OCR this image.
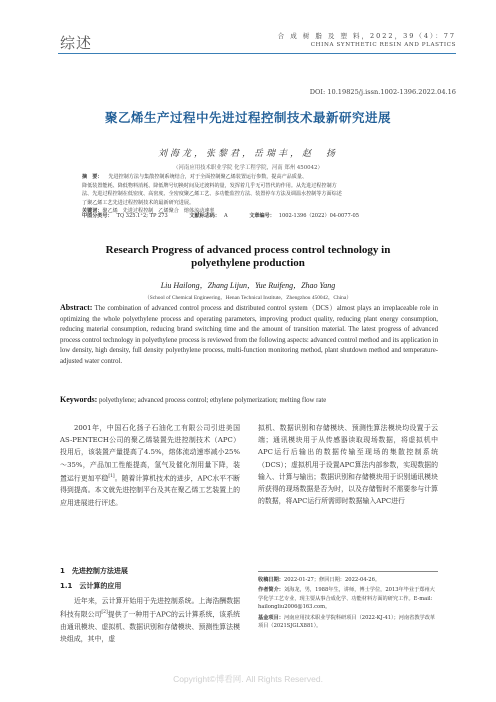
综述	合 成 树 脂 及 塑 料，2022，39（4）：77
CHINA SYNTHETIC RESIN AND PLASTICS
DOI: 10.19825/j.issn.1002-1396.2022.04.16
聚乙烯生产过程中先进过程控制技术最新研究进展
刘海龙，张黎君，岳瑞丰，赵　扬
（河南应用技术职业学院 化学工程学院，河南 郑州 450042）
摘　要： 先进控制方法与集散控制系统结合，对于全面控制聚乙烯装置运行参数，提高产品质量、
降低装置能耗、降低物料消耗、降低牌号切换时间及过渡料的量，发挥着几乎无可替代的作用。从先进过程控制方
法、先进过程控制在低密度、高密度、全密度聚乙烯工艺、多功能监控方法、装置停车方法及调温水控制等方面综述
了聚乙烯工艺先进过程控制技术的最新研究进展。
关键词：聚乙烯　先进过程控制　乙烯聚合　熔体流动速率
中图分类号： TQ 325.1⁺2; TP 273	文献标志码： A	文章编号： 1002-1396（2022）04-0077-05
Research Progress of advanced process control technology in
polyethylene production
Liu Hailong，Zhang Lijun，Yue Ruifeng，Zhao Yang
（School of Chemical Engineering，Henan Technical Institute，Zhengzhou 450042，China）
Abstract: The combination of advanced control process and distributed control system（DCS）almost plays an irreplaceable role in optimizing the whole polyethylene process and operating parameters, improving product quality, reducing plant energy consumption, reducing material consumption, reducing brand switching time and the amount of transition material. The latest progress of advanced process control technology in polyethylene process is reviewed from the following aspects: advanced control method and its application in low density, high density, full density polyethylene process, multi-function monitoring method, plant shutdown method and temperature-adjusted water control.
Keywords: polyethylene; advanced process control; ethylene polymerization; melting flow rate

2001年，中国石化扬子石油化工有限公司引进美国AS-PENTECH公司的聚乙烯装置先进控制技术（APC）投用后，该装置产量提高了4.5%，熔体流动速率减小25%～35%，产品加工性能提高，氢气及催化剂用量下降，装置运行更加平稳[1]。随着计算机技术的进步，APC水平不断得到提高。本文就先进控制平台及其在聚乙烯工艺装置上的应用进展进行评述。

1　先进控制方法进展
1.1　云计算的应用

近年来，云计算开始用于先进控制系统。上海浩酬数据科技有限公司[2]提供了一种用于APC的云计算系统，该系统由通讯模块、虚拟机、数据识别和存储模块、预测性算法模块组成，其中，虚

拟机、数据识别和存储模块、预测性算法模块均设置于云端；通讯模块用于从传感器读取现场数据，将虚拟机中APC运行后输出的数据传输至现场的集散控制系统（DCS）；虚拟机用于设置APC算法内部参数，实现数据的输入、计算与输出；数据识别和存储模块用于识别通讯模块所获得的现场数据是否为时，以及存储暂时不需要参与计算的数据，将APC运行所需即时数据输入APC进行
收稿日期：2022-01-27；修回日期：2022-04-26。
作者简介：刘海龙，男，1988年生，讲师，博士学位，2013年毕业于郑州大学化学工艺专业，现主要从事合成化学、功能材料方面的研究工作。E-mail: hailongliu2006@163.com。
基金项目：河南应用技术职业学院科研项目（2022-KJ-41）；河南省教学改革项目（2021SJGLX881）。
Copyright©博看网. All Rights Reserved.
